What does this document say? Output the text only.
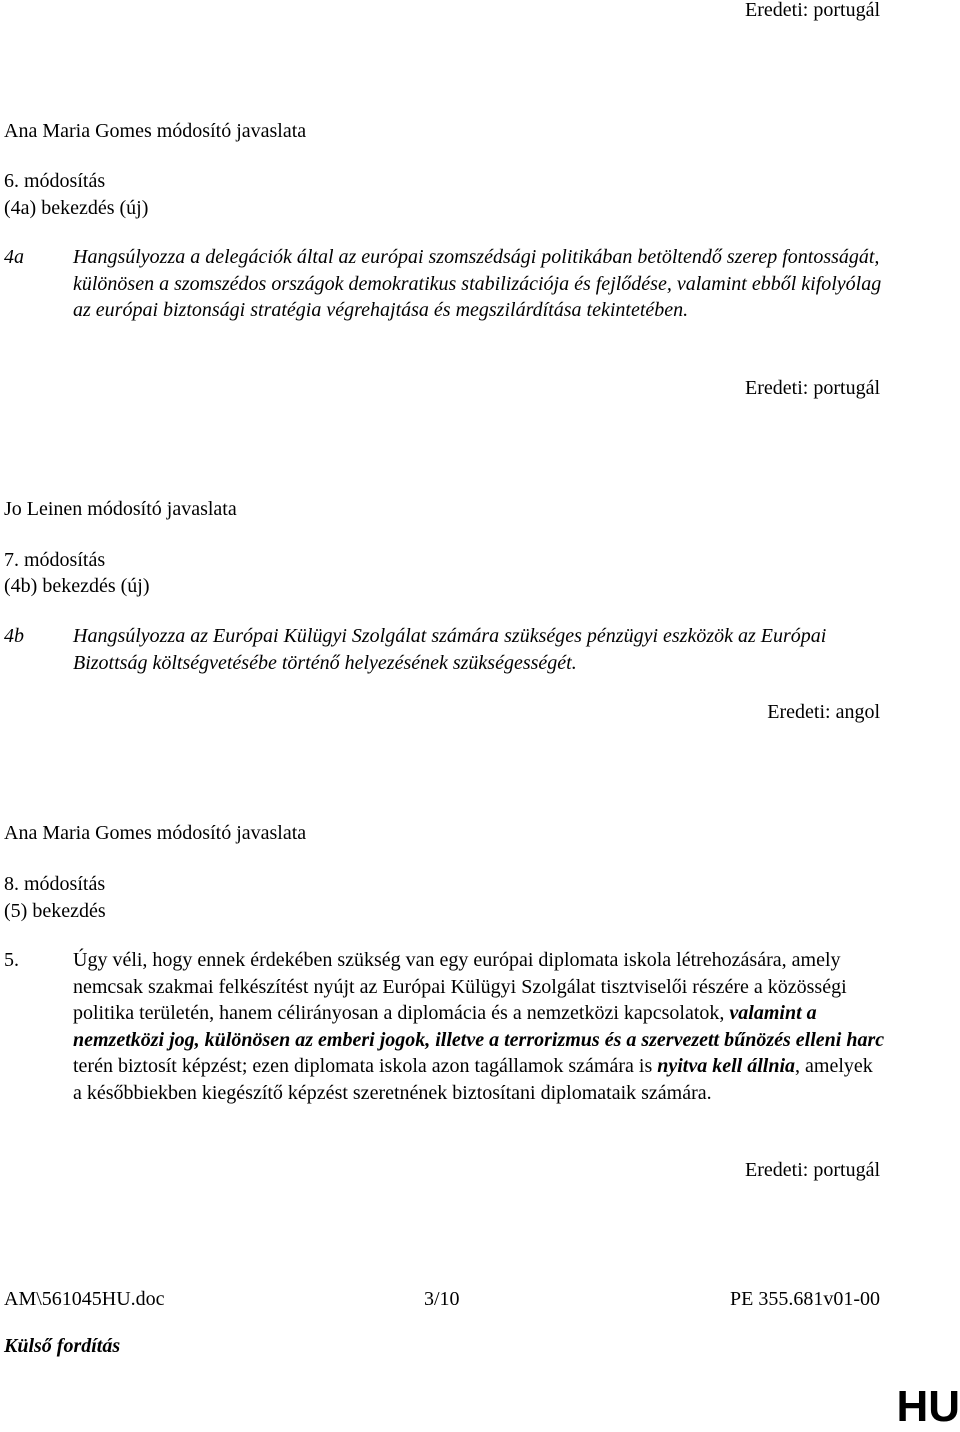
Eredeti: portugál
Ana Maria Gomes módosító javaslata
6. módosítás
(4a) bekezdés (új)
4a Hangsúlyozza a delegációk által az európai szomszédsági politikában betöltendő szerep fontosságát, különösen a szomszédos országok demokratikus stabilizációja és fejlődése, valamint ebből kifolyólag az európai biztonsági stratégia végrehajtása és megszilárdítása tekintetében.
Eredeti: portugál
Jo Leinen módosító javaslata
7. módosítás
(4b) bekezdés (új)
4b Hangsúlyozza az Európai Külügyi Szolgálat számára szükséges pénzügyi eszközök az Európai Bizottság költségvetésébe történő helyezésének szükségességét.
Eredeti: angol
Ana Maria Gomes módosító javaslata
8. módosítás
(5) bekezdés
5.	Úgy véli, hogy ennek érdekében szükség van egy európai diplomata iskola létrehozására, amely nemcsak szakmai felkészítést nyújt az Európai Külügyi Szolgálat tisztviselői részére a közösségi politika területén, hanem célirányosan a diplomácia és a nemzetközi kapcsolatok, valamint a nemzetközi jog, különösen az emberi jogok, illetve a terrorizmus és a szervezett bűnözés elleni harc terén biztosít képzést; ezen diplomata iskola azon tagállamok számára is nyitva kell állnia, amelyek a későbbiekben kiegészítő képzést szeretnének biztosítani diplomataik számára.
Eredeti: portugál
AM\561045HU.doc	3/10	PE 355.681v01-00
Külső fordítás
HU
